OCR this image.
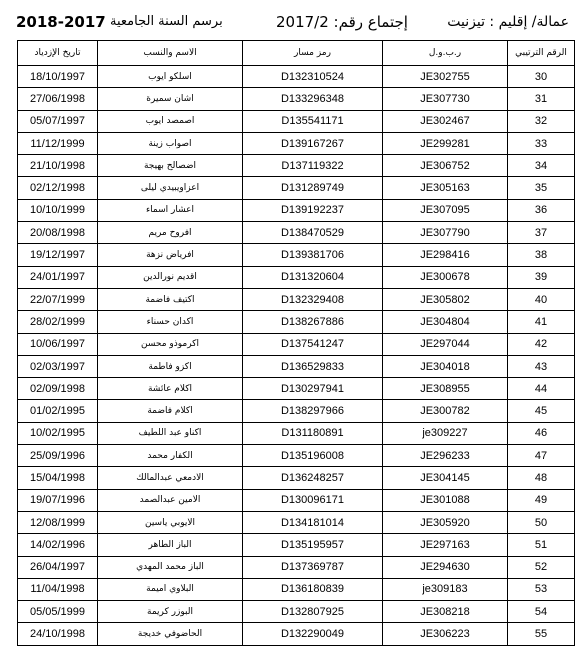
2018-2017 برسم السنة الجامعية	إجتماع رقم: 2017/2	عمالة/ إقليم : تيزنيت
تاريخ الإزدياد	الاسم والنسب	رمز مسار	ر.ب.و.ل	الرقم الترتيبي
18/10/1997	اسلكو ايوب	D132310524	JE302755	30
27/06/1998	اشان سميرة	D133296348	JE307730	31
05/07/1997	اصمصد ايوب	D135541171	JE302467	32
11/12/1999	اصواب زينة	D139167267	JE299281	33
21/10/1998	اضصالح بهيجة	D137119322	JE306752	34
02/12/1998	اعزاويبيدي ليلى	D131289749	JE305163	35
10/10/1999	اعشار اسماء	D139192237	JE307095	36
20/08/1998	افروح مريم	D138470529	JE307790	37
19/12/1997	افرياض نزهة	D139381706	JE298416	38
24/01/1997	اقديم نورالدين	D131320604	JE300678	39
22/07/1999	اكتيف فاضمة	D132329408	JE305802	40
28/02/1999	اكدان حسناء	D138267886	JE304804	41
10/06/1997	اكرموذو محسن	D137541247	JE297044	42
02/03/1997	اكزو فاطمة	D136529833	JE304018	43
02/09/1998	اكلام عائشة	D130297941	JE308955	44
01/02/1995	اكلام فاضمة	D138297966	JE300782	45
10/02/1995	اكناو عبد اللطيف	D131180891	je309227	46
25/09/1996	الكفار محمد	D135196008	JE296233	47
15/04/1998	الادمعي عبدالمالك	D136248257	JE304145	48
19/07/1996	الامين عبدالصمد	D130096171	JE301088	49
12/08/1999	الايوبي ياسين	D134181014	JE305920	50
14/02/1996	الباز الطاهر	D135195957	JE297163	51
26/04/1997	الباز محمد المهدي	D137369787	JE294630	52
11/04/1998	البلاوي اميمة	D136180839	je309183	53
05/05/1999	البوزر كريمة	D132807925	JE308218	54
24/10/1998	الحاضوفي خديجة	D132290049	JE306223	55
